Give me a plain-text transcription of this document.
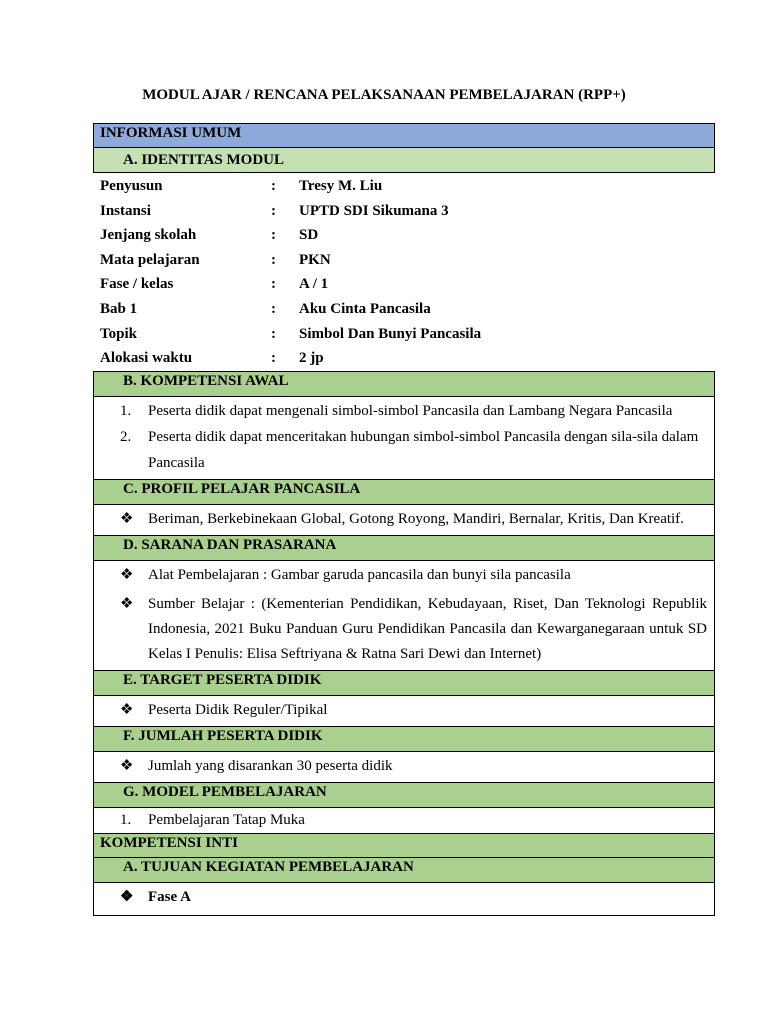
MODUL AJAR / RENCANA PELAKSANAAN PEMBELAJARAN (RPP+)
INFORMASI UMUM
A. IDENTITAS MODUL
Penyusun	: Tresy M. Liu
Instansi	: UPTD SDI Sikumana 3
Jenjang skolah	: SD
Mata pelajaran	: PKN
Fase / kelas	: A / 1
Bab 1	: Aku Cinta Pancasila
Topik	: Simbol Dan Bunyi Pancasila
Alokasi waktu	: 2 jp
B. KOMPETENSI AWAL
1. Peserta didik dapat mengenali simbol-simbol Pancasila dan Lambang Negara Pancasila
2. Peserta didik dapat menceritakan hubungan simbol-simbol Pancasila dengan sila-sila dalam Pancasila
C. PROFIL PELAJAR PANCASILA
❖ Beriman, Berkebinekaan Global, Gotong Royong, Mandiri, Bernalar, Kritis, Dan Kreatif.
D. SARANA DAN PRASARANA
❖ Alat Pembelajaran : Gambar garuda pancasila dan bunyi sila pancasila
❖ Sumber Belajar : (Kementerian Pendidikan, Kebudayaan, Riset, Dan Teknologi Republik Indonesia, 2021 Buku Panduan Guru Pendidikan Pancasila dan Kewarganegaraan untuk SD Kelas I Penulis: Elisa Seftriyana & Ratna Sari Dewi dan Internet)
E. TARGET PESERTA DIDIK
❖ Peserta Didik Reguler/Tipikal
F. JUMLAH PESERTA DIDIK
❖ Jumlah yang disarankan 30 peserta didik
G. MODEL PEMBELAJARAN
1. Pembelajaran Tatap Muka
KOMPETENSI INTI
A. TUJUAN KEGIATAN PEMBELAJARAN
❖ Fase A
